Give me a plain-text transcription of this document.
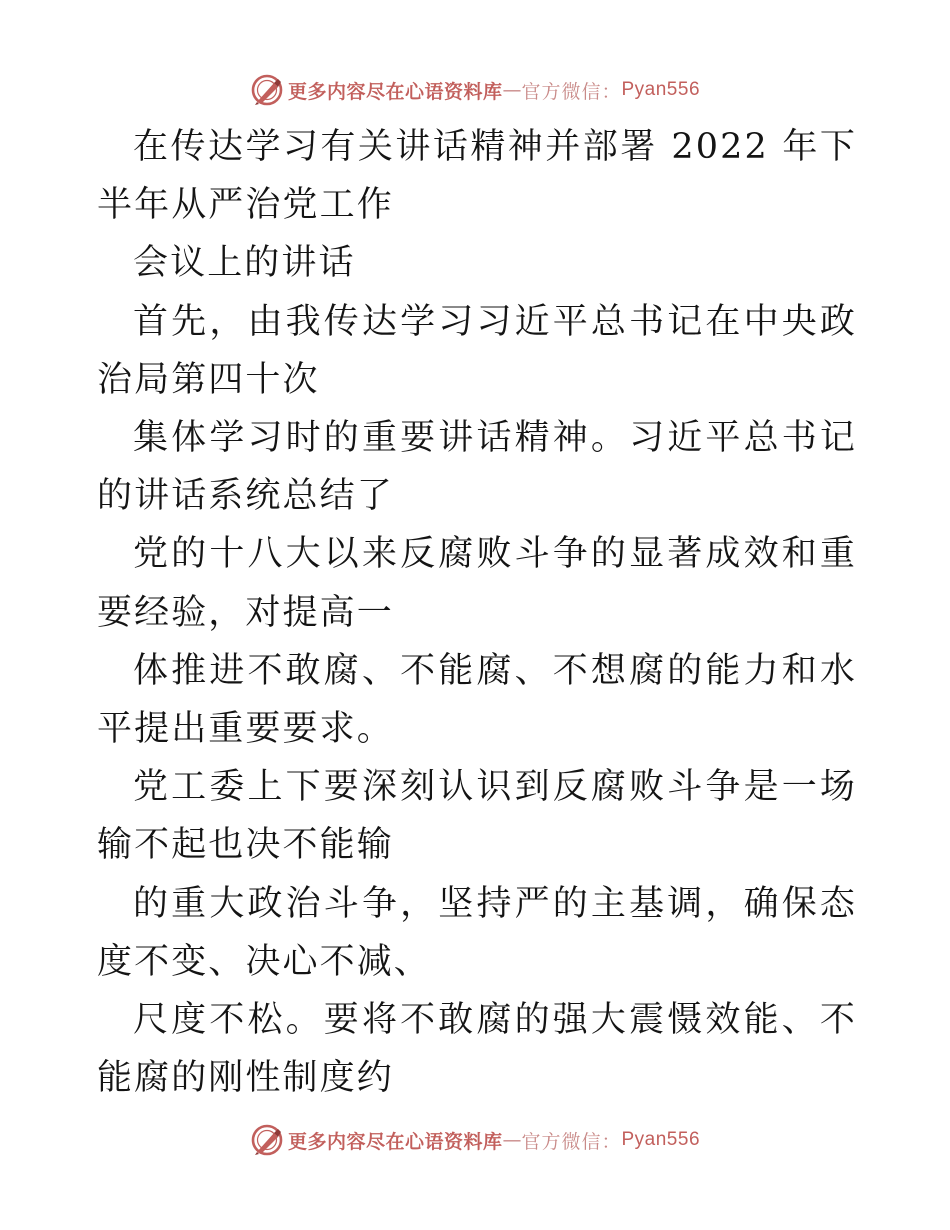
更多内容尽在心语资料库 — 官方微信： Pyan556

在传达学习有关讲话精神并部署 2022 年下半年从严治党工作

会议上的讲话

首先，由我传达学习习近平总书记在中央政治局第四十次

集体学习时的重要讲话精神。习近平总书记的讲话系统总结了

党的十八大以来反腐败斗争的显著成效和重要经验，对提高一

体推进不敢腐、不能腐、不想腐的能力和水平提出重要要求。

党工委上下要深刻认识到反腐败斗争是一场输不起也决不能输

的重大政治斗争，坚持严的主基调，确保态度不变、决心不减、

尺度不松。要将不敢腐的强大震慑效能、不能腐的刚性制度约

更多内容尽在心语资料库 — 官方微信： Pyan556
